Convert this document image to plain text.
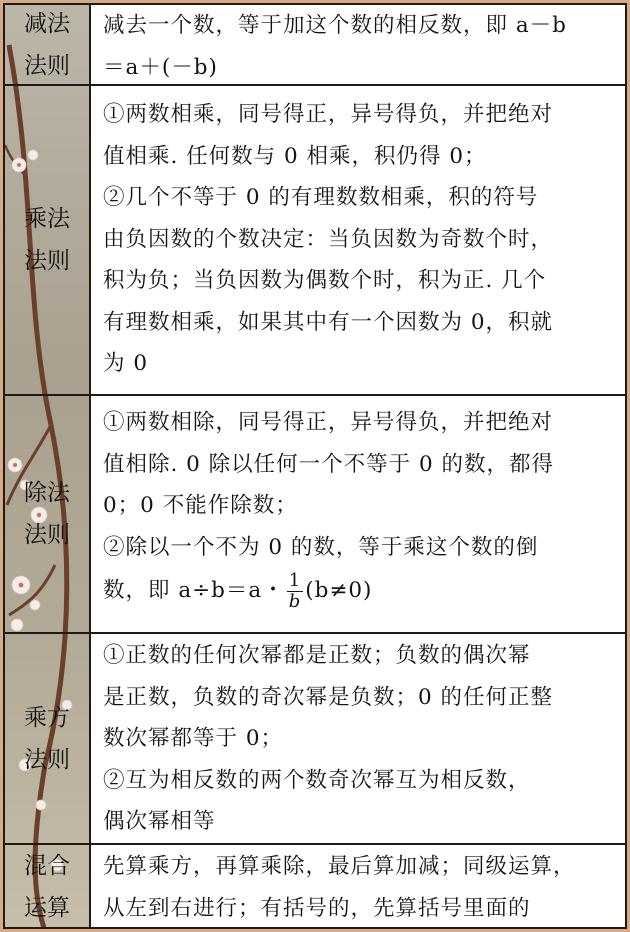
减法
法则

减去一个数，等于加这个数的相反数，即 a－b

＝a＋(－b)

乘法
法则

①两数相乘，同号得正，异号得负，并把绝对

值相乘. 任何数与 0 相乘，积仍得 0；

②几个不等于 0 的有理数数相乘，积的符号

由负因数的个数决定：当负因数为奇数个时，

积为负；当负因数为偶数个时，积为正. 几个

有理数相乘，如果其中有一个因数为 0，积就

为 0

除法
法则

①两数相除，同号得正，异号得负，并把绝对

值相除. 0 除以任何一个不等于 0 的数，都得

0；0 不能作除数；

②除以一个不为 0 的数，等于乘这个数的倒

数，即 a÷b＝a・ $\frac{1}{b} (b\ne 0)$

乘方
法则

①正数的任何次幂都是正数；负数的偶次幂

是正数，负数的奇次幂是负数；0 的任何正整

数次幂都等于 0；

②互为相反数的两个数奇次幂互为相反数，

偶次幂相等

混合
运算

先算乘方，再算乘除，最后算加减；同级运算，

从左到右进行；有括号的，先算括号里面的
